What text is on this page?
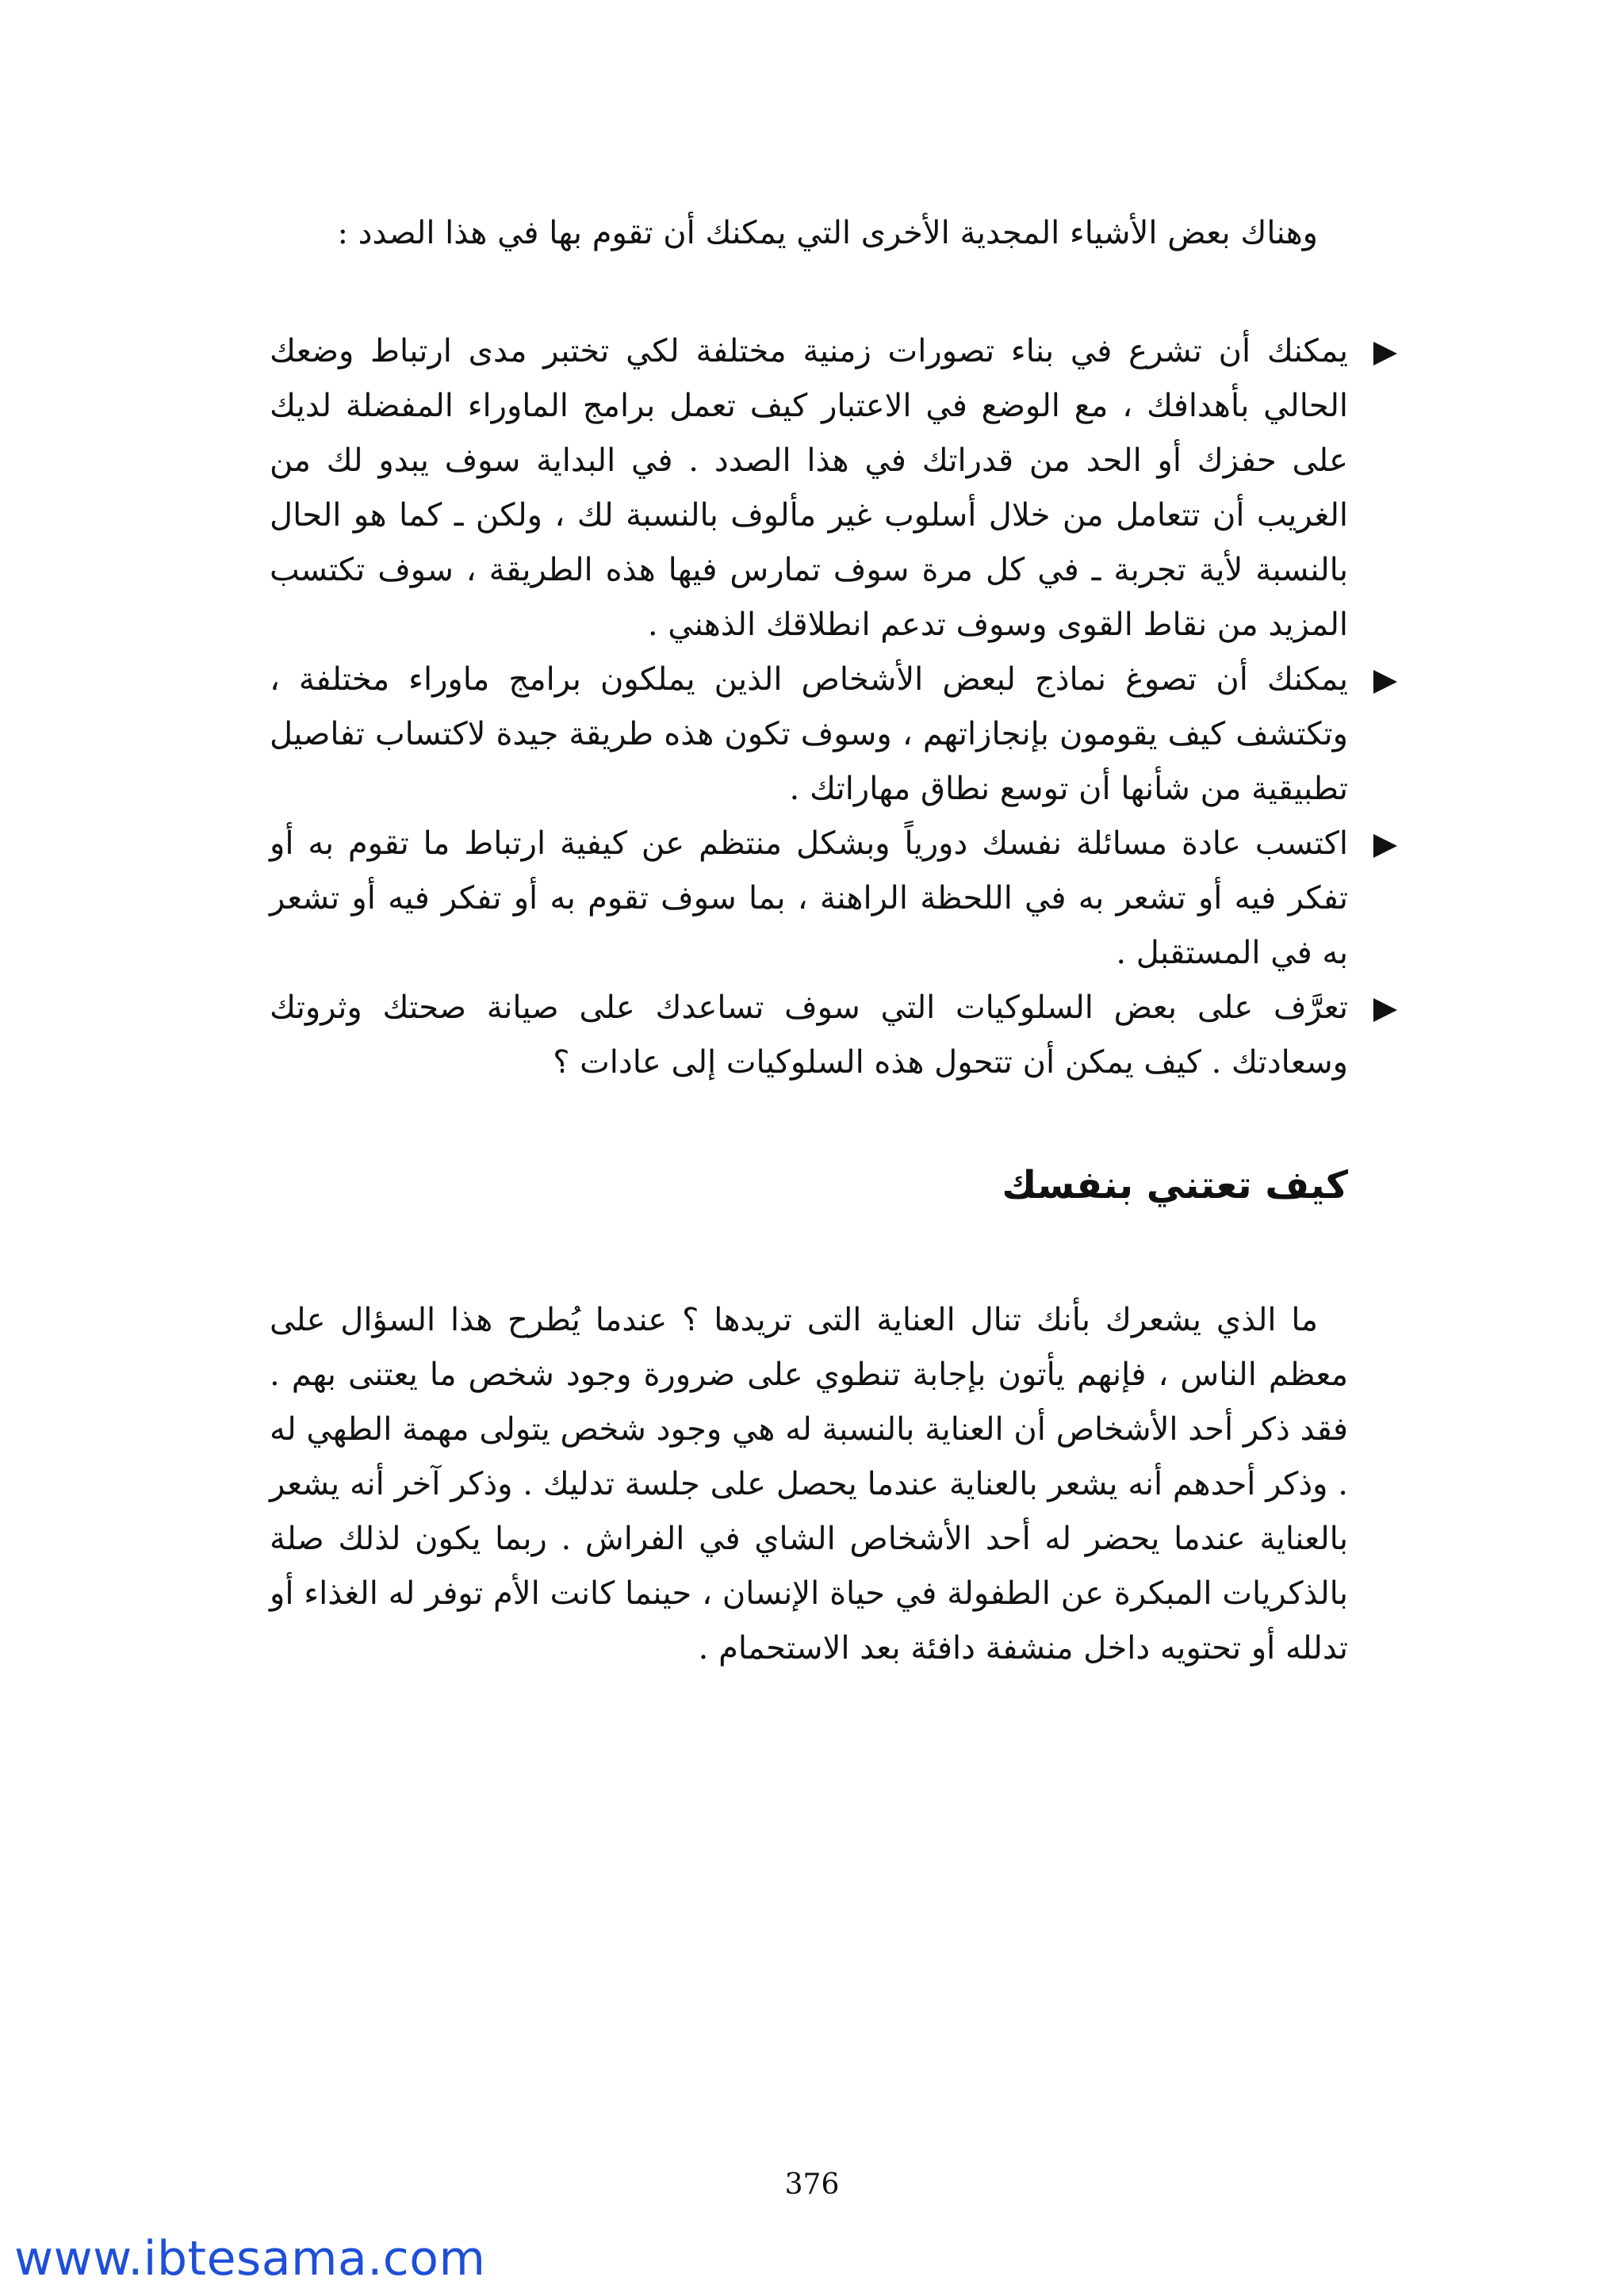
وهناك بعض الأشياء المجدية الأخرى التي يمكنك أن تقوم بها في هذا الصدد :

يمكنك أن تشرع في بناء تصورات زمنية مختلفة لكي تختبر مدى ارتباط وضعك الحالي بأهدافك ، مع الوضع في الاعتبار كيف تعمل برامج الماوراء المفضلة لديك على حفزك أو الحد من قدراتك في هذا الصدد . في البداية سوف يبدو لك من الغريب أن تتعامل من خلال أسلوب غير مألوف بالنسبة لك ، ولكن ـ كما هو الحال بالنسبة لأية تجربة ـ في كل مرة سوف تمارس فيها هذه الطريقة ، سوف تكتسب المزيد من نقاط القوى وسوف تدعم انطلاقك الذهني .

يمكنك أن تصوغ نماذج لبعض الأشخاص الذين يملكون برامج ماوراء مختلفة ، وتكتشف كيف يقومون بإنجازاتهم ، وسوف تكون هذه طريقة جيدة لاكتساب تفاصيل تطبيقية من شأنها أن توسع نطاق مهاراتك .

اكتسب عادة مسائلة نفسك دورياً وبشكل منتظم عن كيفية ارتباط ما تقوم به أو تفكر فيه أو تشعر به في اللحظة الراهنة ، بما سوف تقوم به أو تفكر فيه أو تشعر به في المستقبل .

تعرَّف على بعض السلوكيات التي سوف تساعدك على صيانة صحتك وثروتك وسعادتك . كيف يمكن أن تتحول هذه السلوكيات إلى عادات ؟

كيف تعتني بنفسك

ما الذي يشعرك بأنك تنال العناية التى تريدها ؟ عندما يُطرح هذا السؤال على معظم الناس ، فإنهم يأتون بإجابة تنطوي على ضرورة وجود شخص ما يعتنى بهم . فقد ذكر أحد الأشخاص أن العناية بالنسبة له هي وجود شخص يتولى مهمة الطهي له . وذكر أحدهم أنه يشعر بالعناية عندما يحصل على جلسة تدليك . وذكر آخر أنه يشعر بالعناية عندما يحضر له أحد الأشخاص الشاي في الفراش . ربما يكون لذلك صلة بالذكريات المبكرة عن الطفولة في حياة الإنسان ، حينما كانت الأم توفر له الغذاء أو تدلله أو تحتويه داخل منشفة دافئة بعد الاستحمام .

376
www.ibtesama.com
